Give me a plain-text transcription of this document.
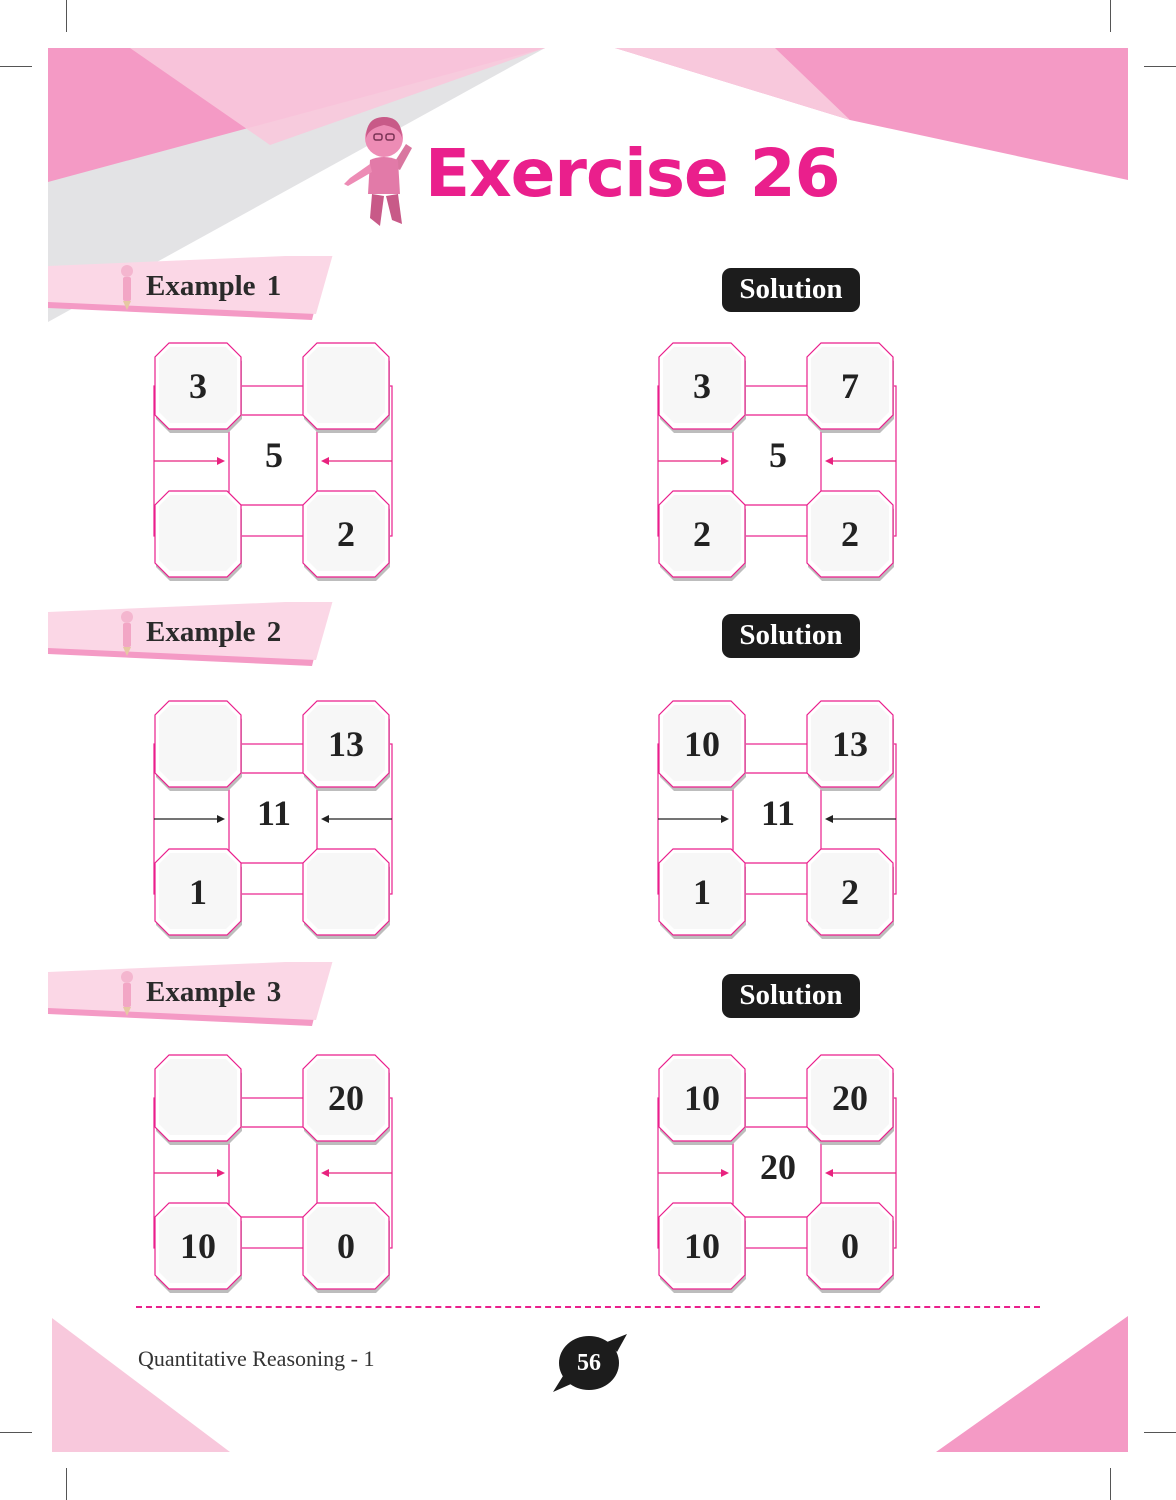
Exercise 26
Example 1
Example 2
Example 3
Solution
Solution
Solution
3
5
2
3	7
5
2	2
13
11
1
10	13
11
1	2
20
10	0
10	20
20
10	0
Quantitative Reasoning - 1	56
